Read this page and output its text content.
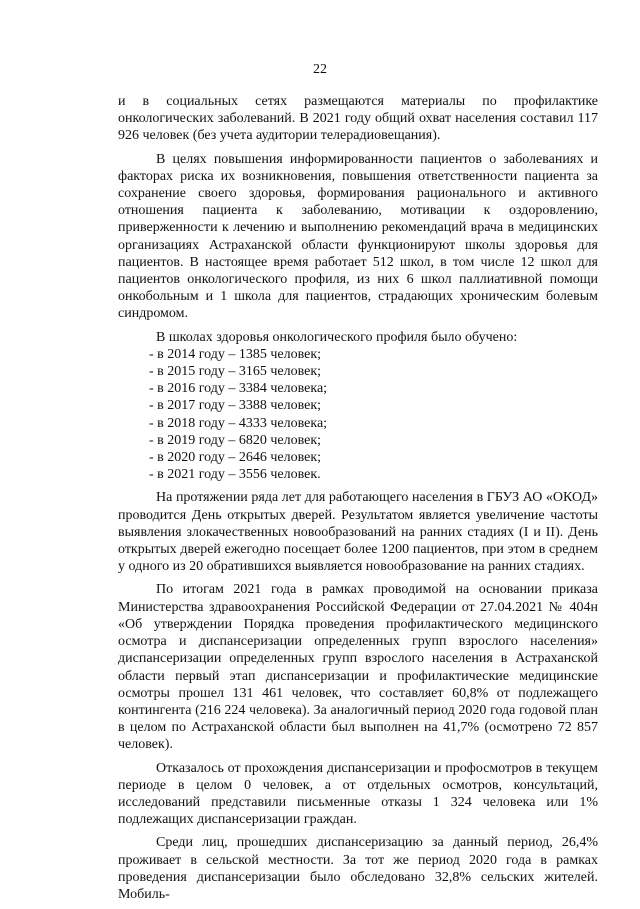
22

и в социальных сетях размещаются материалы по профилактике онкологических заболеваний. В 2021 году общий охват населения составил 117 926 человек (без учета аудитории телерадиовещания).

В целях повышения информированности пациентов о заболеваниях и факторах риска их возникновения, повышения ответственности пациента за сохранение своего здоровья, формирования рационального и активного отношения пациента к заболеванию, мотивации к оздоровлению, приверженности к лечению и выполнению рекомендаций врача в медицинских организациях Астраханской области функционируют школы здоровья для пациентов. В настоящее время работает 512 школ, в том числе 12 школ для пациентов онкологического профиля, из них 6 школ паллиативной помощи онкобольным и 1 школа для пациентов, страдающих хроническим болевым синдромом.

В школах здоровья онкологического профиля было обучено:

- в 2014 году – 1385 человек;
- в 2015 году – 3165 человек;
- в 2016 году – 3384 человека;
- в 2017 году – 3388 человек;
- в 2018 году – 4333 человека;
- в 2019 году – 6820 человек;
- в 2020 году – 2646 человек;
- в 2021 году – 3556 человек.

На протяжении ряда лет для работающего населения в ГБУЗ АО «ОКОД» проводится День открытых дверей. Результатом является увеличение частоты выявления злокачественных новообразований на ранних стадиях (I и II). День открытых дверей ежегодно посещает более 1200 пациентов, при этом в среднем у одного из 20 обратившихся выявляется новообразование на ранних стадиях.

По итогам 2021 года в рамках проводимой на основании приказа Министерства здравоохранения Российской Федерации от 27.04.2021 № 404н «Об утверждении Порядка проведения профилактического медицинского осмотра и диспансеризации определенных групп взрослого населения» диспансеризации определенных групп взрослого населения в Астраханской области первый этап диспансеризации и профилактические медицинские осмотры прошел 131 461 человек, что составляет 60,8% от подлежащего контингента (216 224 человека). За аналогичный период 2020 года годовой план в целом по Астраханской области был выполнен на 41,7% (осмотрено 72 857 человек).

Отказалось от прохождения диспансеризации и профосмотров в текущем периоде в целом 0 человек, а от отдельных осмотров, консультаций, исследований представили письменные отказы 1 324 человека или 1% подлежащих диспансеризации граждан.

Среди лиц, прошедших диспансеризацию за данный период, 26,4% проживает в сельской местности. За тот же период 2020 года в рамках проведения диспансеризации было обследовано 32,8% сельских жителей. Мобиль-
